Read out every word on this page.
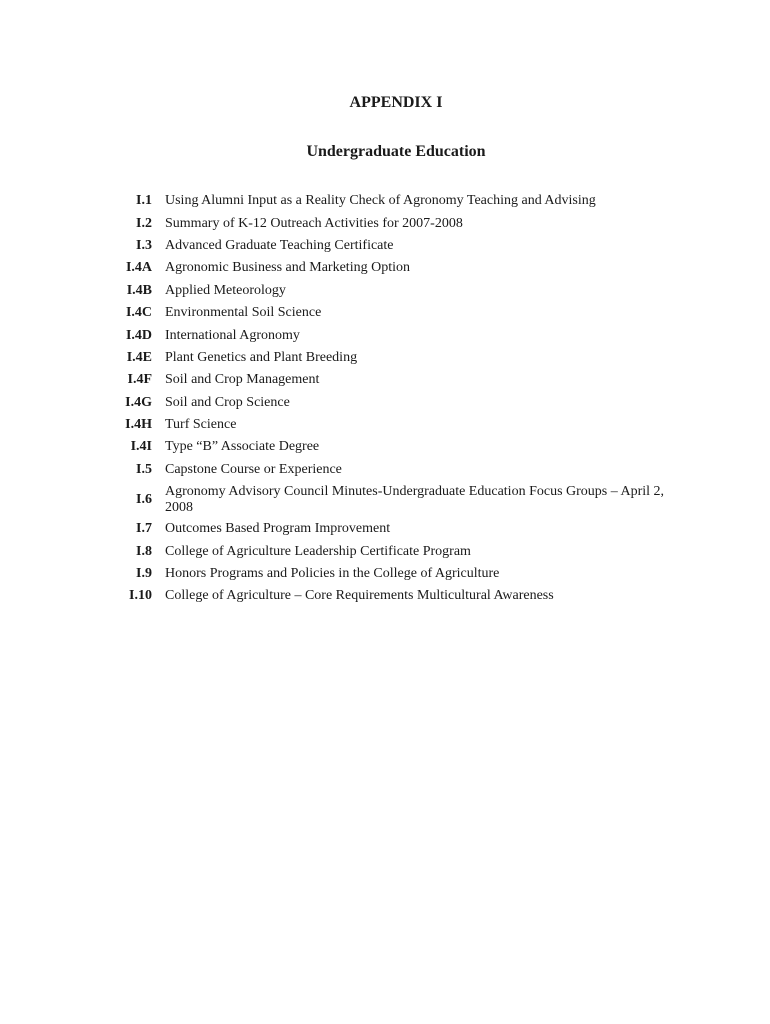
APPENDIX I
Undergraduate Education
I.1 Using Alumni Input as a Reality Check of Agronomy Teaching and Advising
I.2 Summary of K-12 Outreach Activities for 2007-2008
I.3 Advanced Graduate Teaching Certificate
I.4A Agronomic Business and Marketing Option
I.4B Applied Meteorology
I.4C Environmental Soil Science
I.4D International Agronomy
I.4E Plant Genetics and Plant Breeding
I.4F Soil and Crop Management
I.4G Soil and Crop Science
I.4H Turf Science
I.4I Type “B” Associate Degree
I.5 Capstone Course or Experience
I.6
Agronomy Advisory Council Minutes-Undergraduate Education Focus Groups – April 2, 2008
I.7 Outcomes Based Program Improvement
I.8 College of Agriculture Leadership Certificate Program
I.9 Honors Programs and Policies in the College of Agriculture
I.10 College of Agriculture – Core Requirements Multicultural Awareness
